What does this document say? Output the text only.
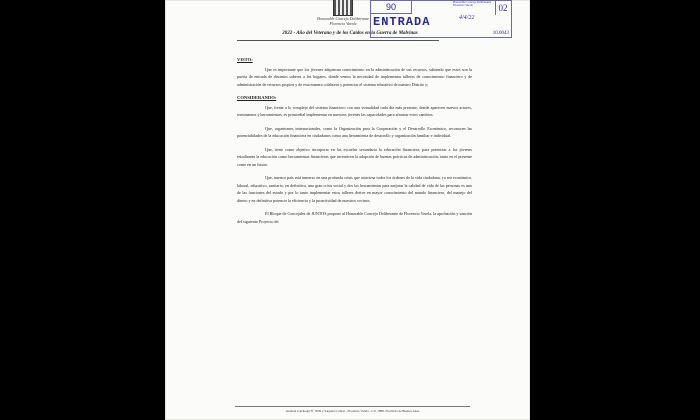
Honorable Concejo Deliberante
Florencio Varela
90	Honorable Concejo Deliberante Florencio Varela	02
ENTRADA	4/4/22
10.0043
2022 - Año del Veterano y de los Caídos en la Guerra de Malvinas
VISTO:

Que es importante que los jóvenes adquieran conocimiento en la administración de sus recursos, sabiendo que estos son la puerta de entrada de distintos saberes a los hogares, donde vemos la necesidad de implementar talleres de conocimiento financiero y de administración de recursos propios y de esta manera colaborar y potenciar el sistema educativo de nuestro Distrito y;

CONSIDERANDO:

Que, frente a lo complejo del sistema financiero con una virtualidad cada día más presente, donde aparecen nuevos actores, terminamos y herramientas, es primordial implementar en nuestros jóvenes las capacidades para afrontar estos cambios.

Que, organismos internacionales, como la Organización para la Cooperación y el Desarrollo Económico, reconocen las potencialidades de la educación financiera en ciudadanos como una herramienta de desarrollo y organización familiar e individual.

Que, tiene como objetivo incorporar en las escuelas secundaria la educación financiera, para potenciar a los jóvenes estudiantes la educación como herramientas financieras que incentiven la adopción de buenas prácticas de administración, tanto en el presente como en un futuro.

Que, nuestro país está inmerso en una profunda crisis que atraviesa todos los órdenes de la vida ciudadana, ya sea económico, laboral, educativo, sanitario, en definitiva, una gran crisis social y dos las herramientas para mejorar la calidad de vida de las personas es uno de las funciones del estado y por lo tanto implementar estos talleres derive en mayor conocimiento del mundo financiero, del manejo del dinero y en definitiva potencie la eficiencia y la proactividad de nuestros vecinos.

El Bloque de Concejales de JUNTOS propone al Honorable Concejo Deliberante de Florencio Varela, la aprobación y sanción del siguiente Proyecto de:

Avenida Calchaquí Nº 3059 y Sargento Cabral - Florencio Varela - C.P. 1888- Provincia de Buenos Aires
